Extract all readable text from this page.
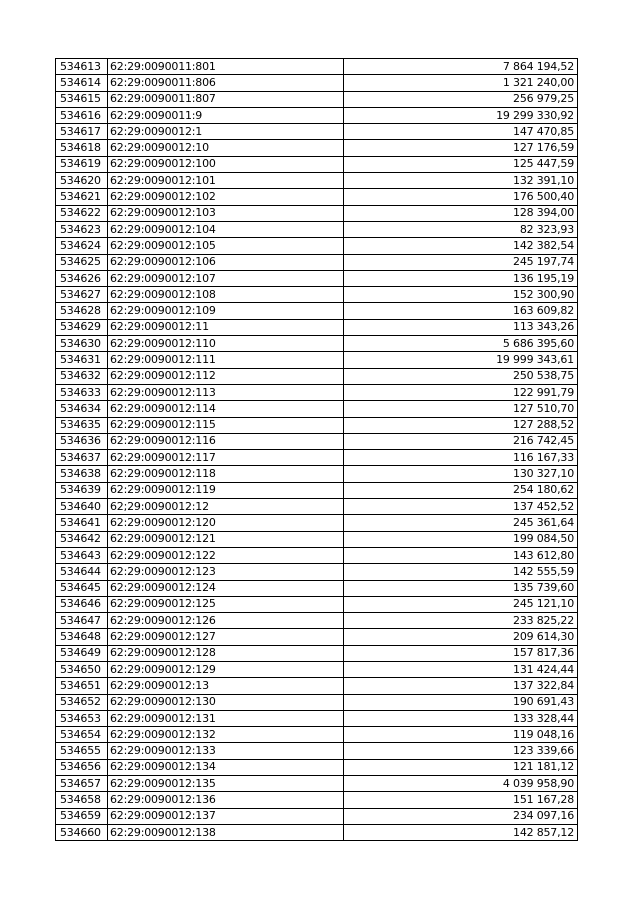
534613	62:29:0090011:801	7 864 194,52
534614	62:29:0090011:806	1 321 240,00
534615	62:29:0090011:807	256 979,25
534616	62:29:0090011:9	19 299 330,92
534617	62:29:0090012:1	147 470,85
534618	62:29:0090012:10	127 176,59
534619	62:29:0090012:100	125 447,59
534620	62:29:0090012:101	132 391,10
534621	62:29:0090012:102	176 500,40
534622	62:29:0090012:103	128 394,00
534623	62:29:0090012:104	82 323,93
534624	62:29:0090012:105	142 382,54
534625	62:29:0090012:106	245 197,74
534626	62:29:0090012:107	136 195,19
534627	62:29:0090012:108	152 300,90
534628	62:29:0090012:109	163 609,82
534629	62:29:0090012:11	113 343,26
534630	62:29:0090012:110	5 686 395,60
534631	62:29:0090012:111	19 999 343,61
534632	62:29:0090012:112	250 538,75
534633	62:29:0090012:113	122 991,79
534634	62:29:0090012:114	127 510,70
534635	62:29:0090012:115	127 288,52
534636	62:29:0090012:116	216 742,45
534637	62:29:0090012:117	116 167,33
534638	62:29:0090012:118	130 327,10
534639	62:29:0090012:119	254 180,62
534640	62;29:0090012:12	137 452,52
534641	62:29:0090012:120	245 361,64
534642	62:29:0090012:121	199 084,50
534643	62:29:0090012:122	143 612,80
534644	62:29:0090012:123	142 555,59
534645	62:29:0090012:124	135 739,60
534646	62:29:0090012:125	245 121,10
534647	62:29:0090012:126	233 825,22
534648	62:29:0090012:127	209 614,30
534649	62:29:0090012:128	157 817,36
534650	62:29:0090012:129	131 424,44
534651	62:29:0090012:13	137 322,84
534652	62:29:0090012:130	190 691,43
534653	62:29:0090012:131	133 328,44
534654	62:29:0090012:132	119 048,16
534655	62:29:0090012:133	123 339,66
534656	62:29:0090012:134	121 181,12
534657	62:29:0090012:135	4 039 958,90
534658	62:29:0090012:136	151 167,28
534659	62:29:0090012:137	234 097,16
534660	62:29:0090012:138	142 857,12
